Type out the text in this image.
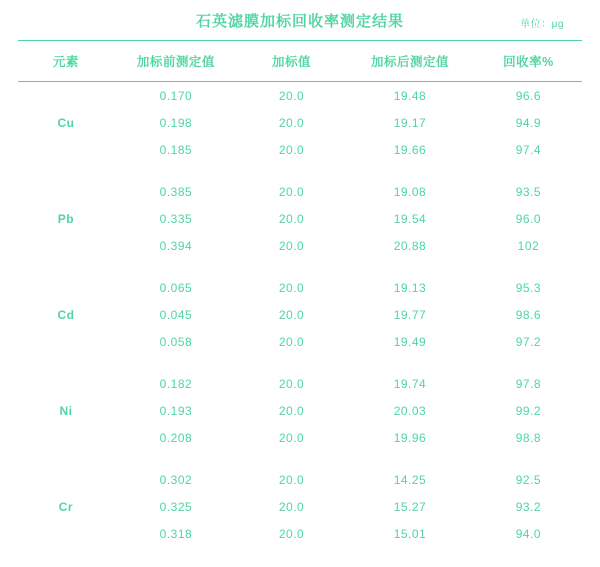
石英滤膜加标回收率测定结果	单位：μg
元素	加标前测定值	加标值	加标后测定值	回收率%
Cu	0.170	20.0	19.48	96.6
	0.198	20.0	19.17	94.9
	0.185	20.0	19.66	97.4

Pb	0.385	20.0	19.08	93.5
	0.335	20.0	19.54	96.0
	0.394	20.0	20.88	102

Cd	0.065	20.0	19.13	95.3
	0.045	20.0	19.77	98.6
	0.058	20.0	19.49	97.2

Ni	0.182	20.0	19.74	97.8
	0.193	20.0	20.03	99.2
	0.208	20.0	19.96	98.8

Cr	0.302	20.0	14.25	92.5
	0.325	20.0	15.27	93.2
	0.318	20.0	15.01	94.0
